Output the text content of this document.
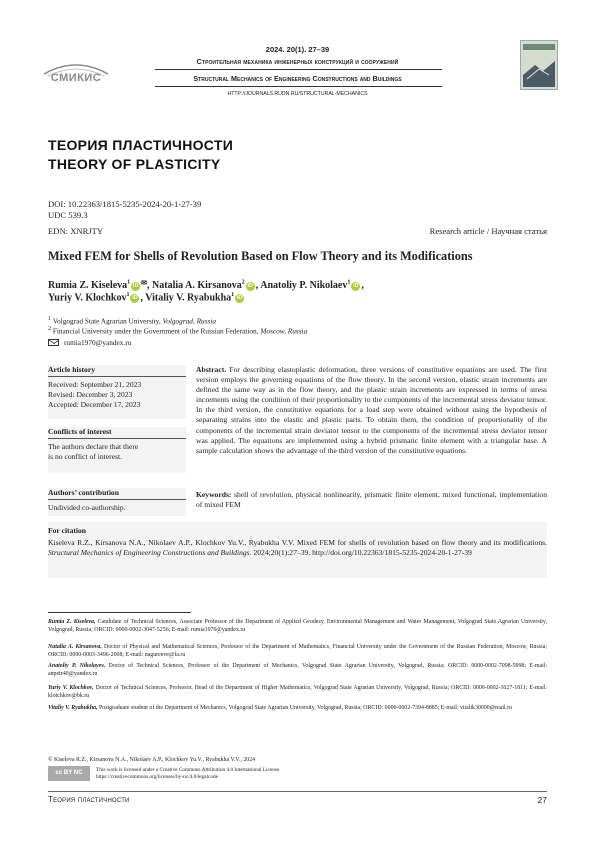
СМИКИС
2024. 20(1). 27–39
Строительная механика инженерных конструкций и сооружений
Structural Mechanics of Engineering Constructions and Buildings
HTTP://JOURNALS.RUDN.RU/STRUCTURAL-MECHANICS
ТЕОРИЯ ПЛАСТИЧНОСТИ
THEORY OF PLASTICITY
DOI: 10.22363/1815-5235-2024-20-1-27-39
UDC 539.3
EDN: XNRJTY	Research article / Научная статья
Mixed FEM for Shells of Revolution Based on Flow Theory and its Modifications
Rumia Z. Kiseleva$^1$iD ✉, Natalia A. Kirsanova$^2$iD , Anatoliy P. Nikolaev$^1$iD ,
Yuriy V. Klochkov$^1$iD , Vitaliy V. Ryabukha$^1$iD
$^1$ Volgograd State Agrarian University, Volgograd, Russia
$^2$ Financial University under the Government of the Russian Federation, Moscow, Russia
rumia1970@yandex.ru
Article history
Received: September 21, 2023
Revised: December 3, 2023
Accepted: December 17, 2023
Conflicts of interest
The authors declare that there
is no conflict of interest.
Authors’ contribution
Undivided co-authorship.
Abstract. For describing elastoplastic deformation, three versions of constitutive equations are used. The first version employs the governing equations of the flow theory. In the second version, elastic strain increments are defined the same way as in the flow theory, and the plastic strain increments are expressed in terms of stress increments using the condition of their proportionality to the components of the incremental stress deviator tensor. In the third version, the constitutive equations for a load step were obtained without using the hypothesis of separating strains into the elastic and plastic parts. To obtain them, the condition of proportionality of the components of the incremental strain deviator tensor to the components of the incremental stress deviator tensor was applied. The equations are implemented using a hybrid prismatic finite element with a triangular base. A sample calculation shows the advantage of the third version of the constitutive equations.
Keywords: shell of revolution, physical nonlinearity, prismatic finite element, mixed functional, implementation of mixed FEM
For citation
Kiseleva R.Z., Kirsanova N.A., Nikolaev A.P., Klochkov Yu.V., Ryabukha V.V. Mixed FEM for shells of revolution based on flow theory and its modifications. Structural Mechanics of Engineering Constructions and Buildings. 2024;20(1):27–39. http://doi.org/10.22363/1815-5235-2024-20-1-27-39
Rumia Z. Kiseleva, Candidate of Technical Sciences, Associate Professor of the Department of Applied Geodesy, Environmental Management and Water Management, Volgograd State Agrarian University, Volgograd, Russia; ORCID: 0000-0002-3047-5256; E-mail: rumia1970@yandex.ru
Natalia A. Kirsanova, Doctor of Physical and Mathematical Sciences, Professor of the Department of Mathematics, Financial University under the Government of the Russian Federation, Moscow, Russia; ORCID: 0000-0003-3496-2008; E-mail: nagureeve@fa.ru
Anatoliy P. Nikolayev, Doctor of Technical Sciences, Professor of the Department of Mechanics, Volgograd State Agrarian University, Volgograd, Russia; ORCID: 0000-0002-7098-5998; E-mail: anpetr40@yandex.ru
Yuriy V. Klochkov, Doctor of Technical Sciences, Professor, Head of the Department of Higher Mathematics, Volgograd State Agrarian University, Volgograd, Russia; ORCID: 0000-0002-1027-1811; E-mail: klotchkov@bk.ru
Vitaliy V. Ryabukha, Postgraduate student of the Department of Mechanics, Volgograd State Agrarian University, Volgograd, Russia; ORCID: 0000-0002-7394-8885; E-mail: vitalik30090@mail.ru
© Kiseleva R.Z., Kirsanova N.A., Nikolaev A.P., Klochkov Yu.V., Ryabukha V.V., 2024
cc BY NC	This work is licensed under a Creative Commons Attribution 4.0 International License
https://creativecommons.org/licenses/by-nc/4.0/legalcode
Теория пластичности	27
